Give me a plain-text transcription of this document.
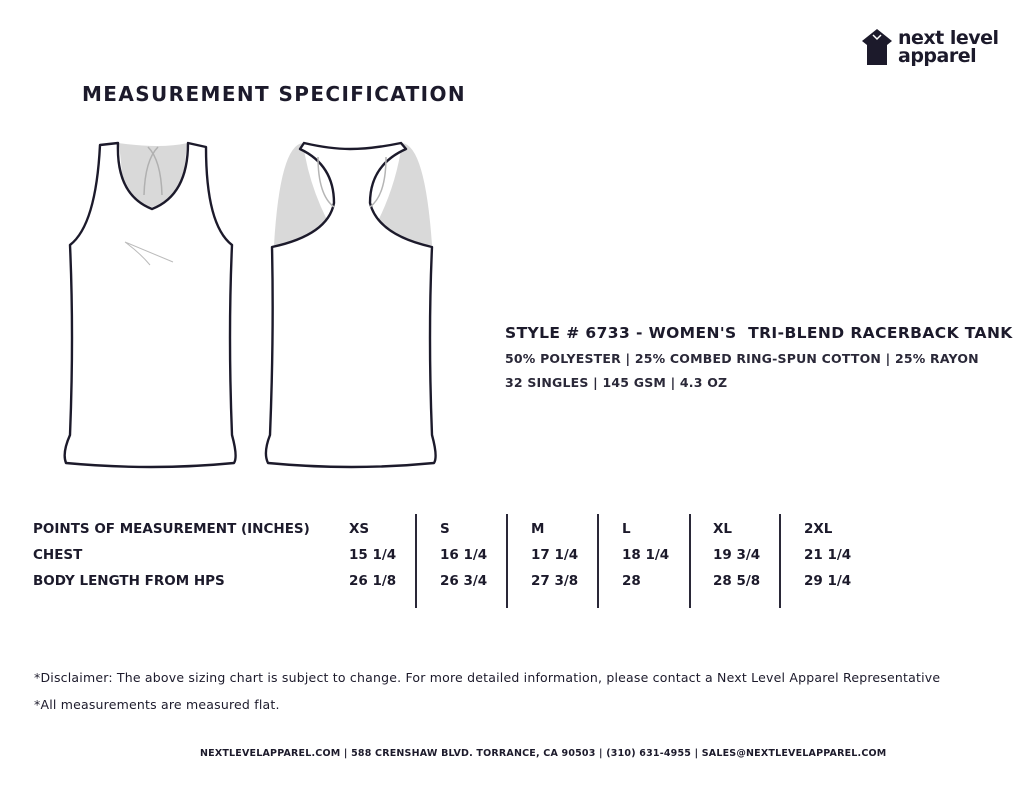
next level
apparel
MEASUREMENT SPECIFICATION
STYLE # 6733 - WOMEN'S  TRI-BLEND RACERBACK TANK
50% POLYESTER | 25% COMBED RING-SPUN COTTON | 25% RAYON
32 SINGLES | 145 GSM | 4.3 OZ
POINTS OF MEASUREMENT (INCHES)	XS	S	M	L	XL	2XL
CHEST	15 1/4	16 1/4	17 1/4	18 1/4	19 3/4	21 1/4
BODY LENGTH FROM HPS	26 1/8	26 3/4	27 3/8	28	28 5/8	29 1/4
*Disclaimer: The above sizing chart is subject to change. For more detailed information, please contact a Next Level Apparel Representative
*All measurements are measured flat.
NEXTLEVELAPPAREL.COM | 588 CRENSHAW BLVD. TORRANCE, CA 90503 | (310) 631-4955 | SALES@NEXTLEVELAPPAREL.COM
